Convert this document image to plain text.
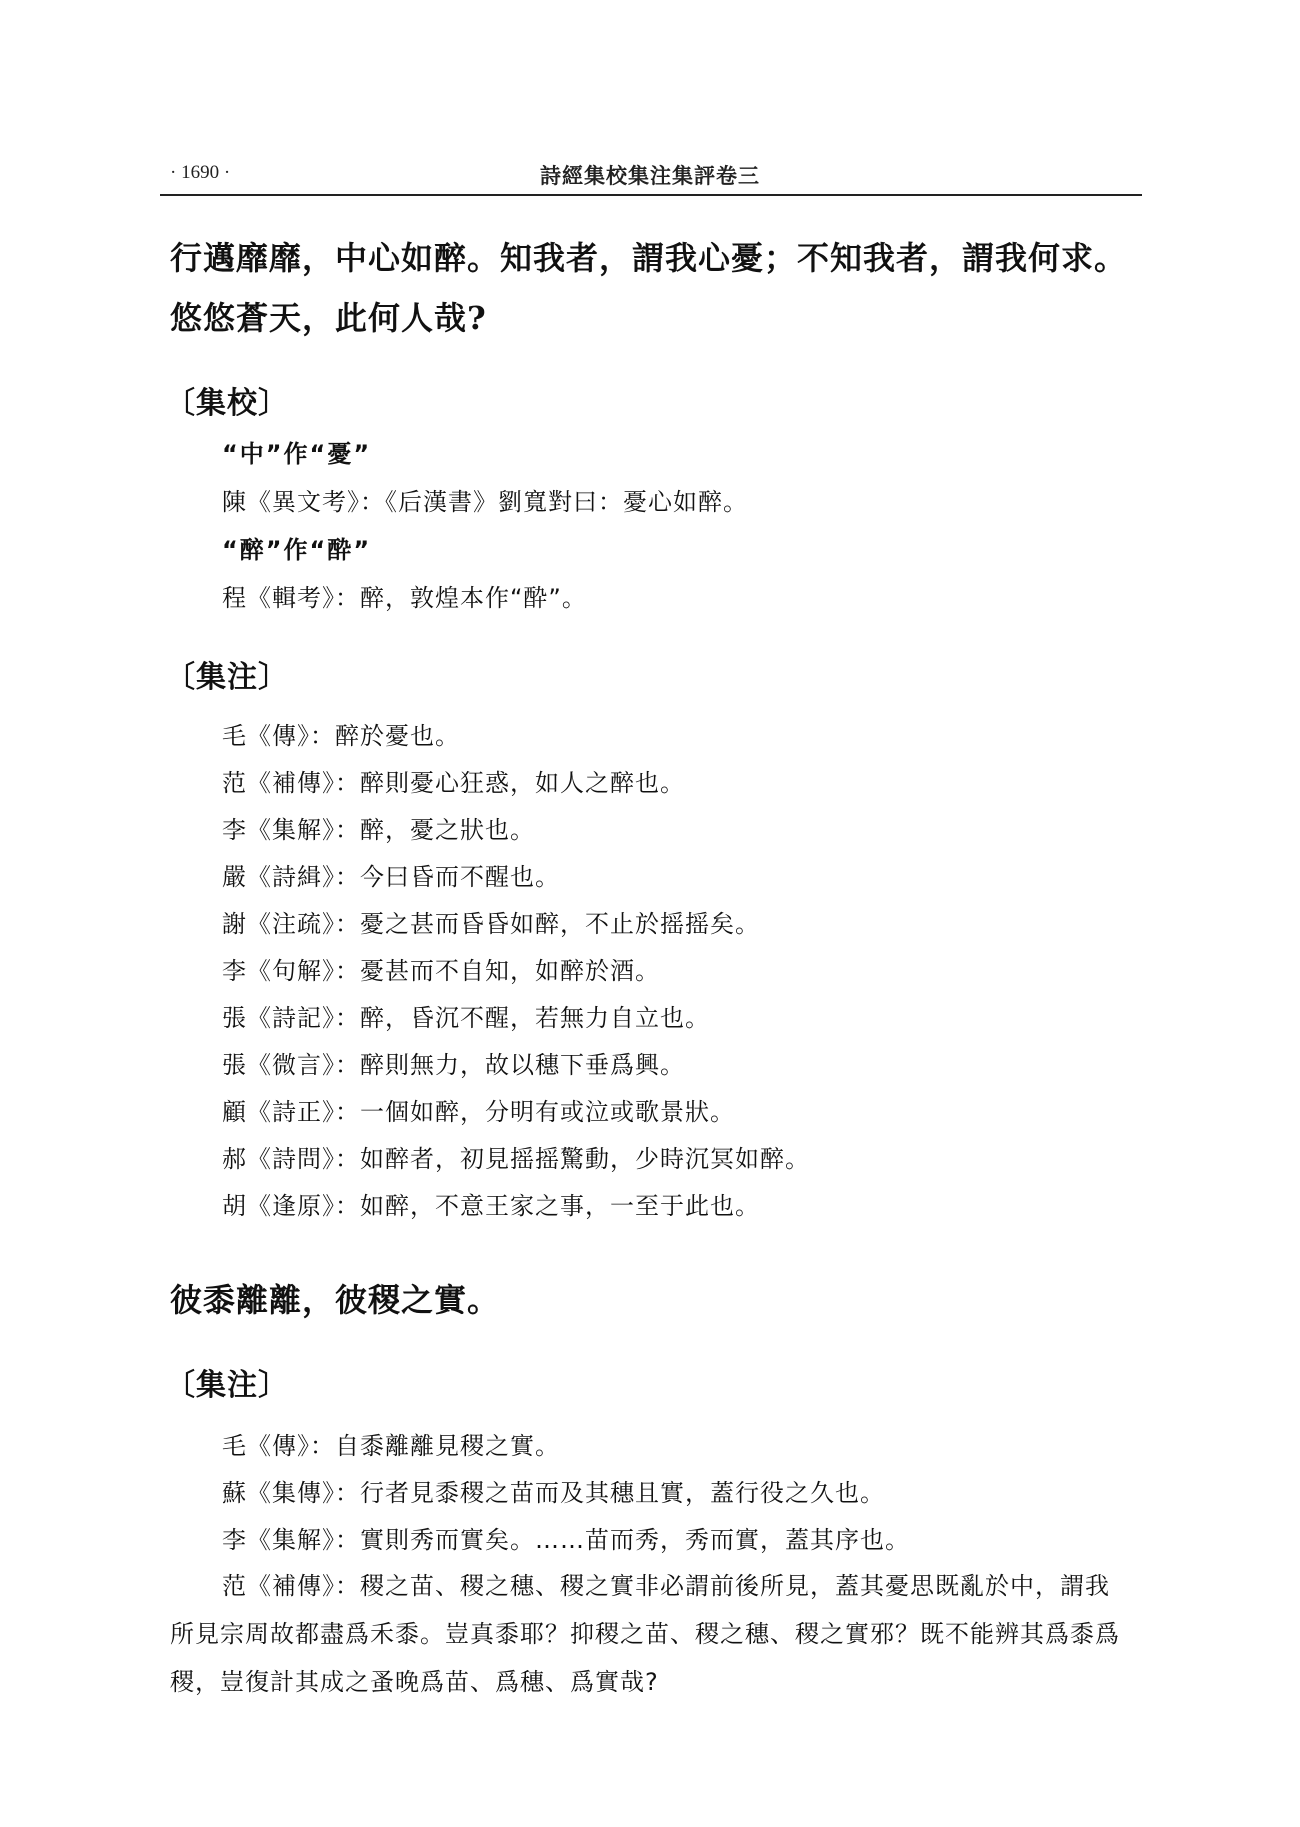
· 1690 ·	詩經集校集注集評卷三
行邁靡靡，中心如醉。知我者，謂我心憂；不知我者，謂我何求。
悠悠蒼天，此何人哉?
〔集校〕
“中”作“憂”
陳《異文考》：《后漢書》劉寬對曰：憂心如醉。
“醉”作“酔”
程《輯考》：醉，敦煌本作“酔”。
〔集注〕
毛《傳》：醉於憂也。
范《補傳》：醉則憂心狂惑，如人之醉也。
李《集解》：醉，憂之狀也。
嚴《詩緝》：今曰昏而不醒也。
謝《注疏》：憂之甚而昏昏如醉，不止於摇摇矣。
李《句解》：憂甚而不自知，如醉於酒。
張《詩記》：醉，昏沉不醒，若無力自立也。
張《微言》：醉則無力，故以穗下垂爲興。
顧《詩正》：一個如醉，分明有或泣或歌景狀。
郝《詩問》：如醉者，初見摇摇驚動，少時沉冥如醉。
胡《逢原》：如醉，不意王家之事，一至于此也。
彼黍離離，彼稷之實。
〔集注〕
毛《傳》：自黍離離見稷之實。
蘇《集傳》：行者見黍稷之苗而及其穗且實，蓋行役之久也。
李《集解》：實則秀而實矣。……苗而秀，秀而實，蓋其序也。
范《補傳》：稷之苗、稷之穗、稷之實非必謂前後所見，蓋其憂思既亂於中，謂我所見宗周故都盡爲禾黍。豈真黍耶？抑稷之苗、稷之穗、稷之實邪？既不能辨其爲黍爲稷，豈復計其成之蚤晚爲苗、爲穗、爲實哉?
